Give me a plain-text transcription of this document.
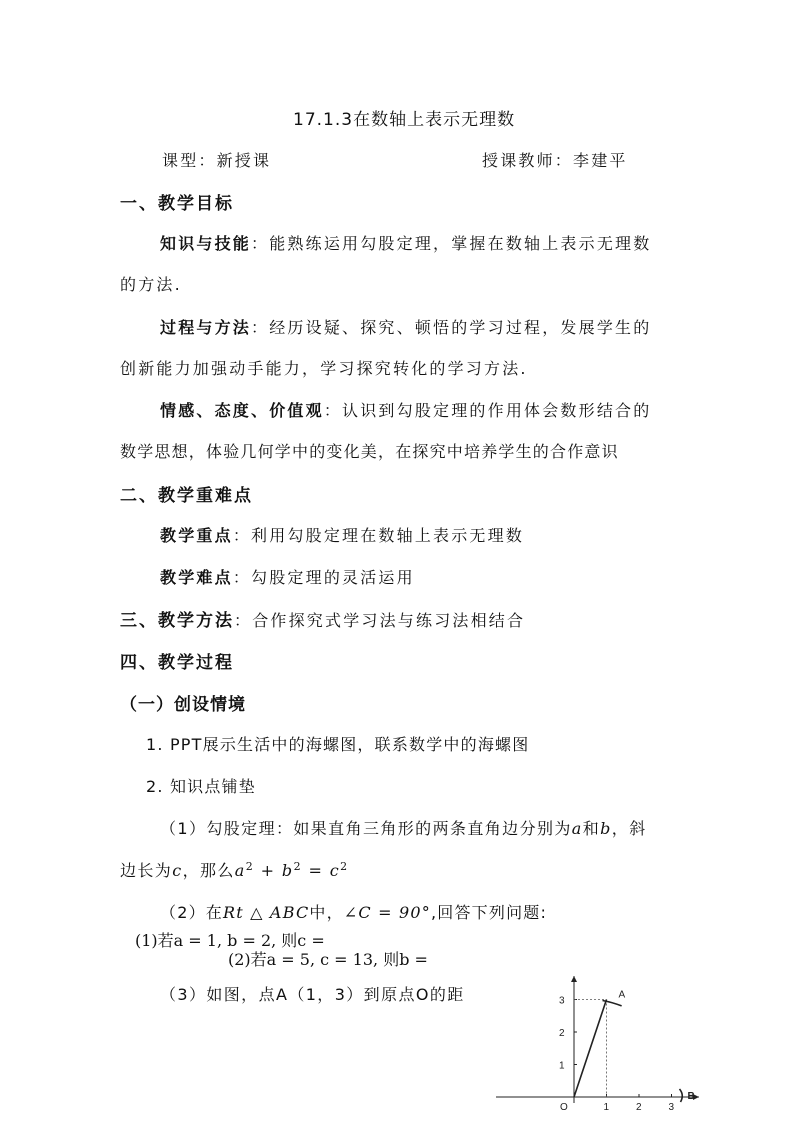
17.1.3在数轴上表示无理数
课型：新授课	授课教师：李建平
一、教学目标
知识与技能：能熟练运用勾股定理，掌握在数轴上表示无理数
的方法.
过程与方法：经历设疑、探究、顿悟的学习过程，发展学生的
创新能力加强动手能力，学习探究转化的学习方法.
情感、态度、价值观：认识到勾股定理的作用体会数形结合的
数学思想，体验几何学中的变化美，在探究中培养学生的合作意识
二、教学重难点
教学重点：利用勾股定理在数轴上表示无理数
教学难点：勾股定理的灵活运用
三、教学方法：合作探究式学习法与练习法相结合
四、教学过程
（一）创设情境
1. PPT展示生活中的海螺图，联系数学中的海螺图
2. 知识点铺垫
（1）勾股定理：如果直角三角形的两条直角边分别为a和b，斜
边长为c，那么$a^2 + b^2 = c^2$
（2）在Rt △ ABC中，∠C = 90°,回答下列问题:
(1)若a = 1, b = 2, 则c =
(2)若a = 5, c = 13, 则b =
（3）如图，点A（1，3）到原点O的距
1	2	3
1
2
3
O
A
B
